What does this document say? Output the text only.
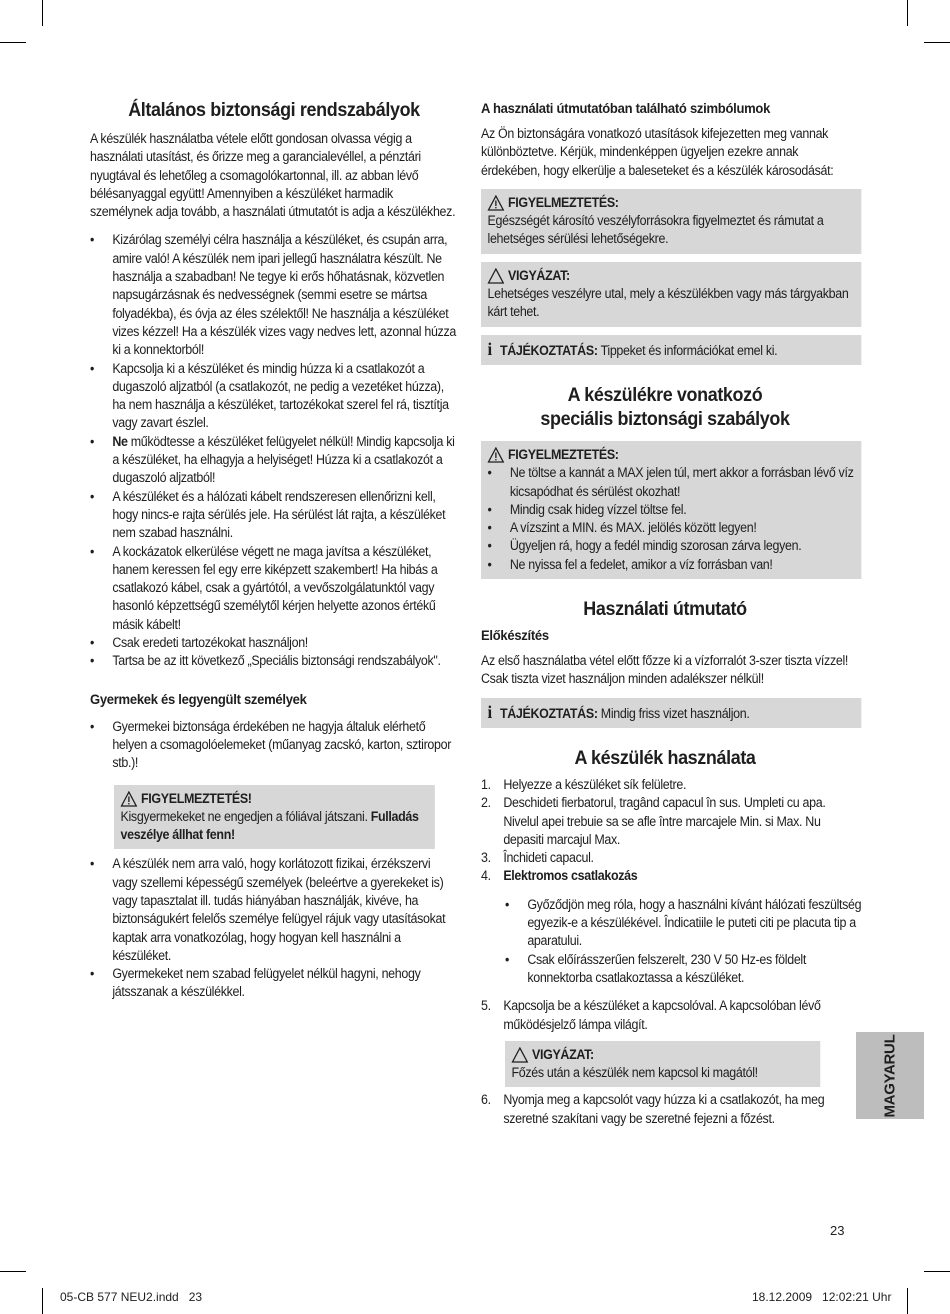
Általános biztonsági rendszabályok

A készülék használatba vétele előtt gondosan olvassa végig a használati utasítást, és őrizze meg a garancialevéllel, a pénztári nyugtával és lehetőleg a csomagolókartonnal, ill. az abban lévő bélésanyaggal együtt! Amennyiben a készüléket harmadik személynek adja tovább, a használati útmutatót is adja a készülékhez.

• Kizárólag személyi célra használja a készüléket, és csupán arra, amire való! A készülék nem ipari jellegű használatra készült. Ne használja a szabadban! Ne tegye ki erős hőhatásnak, közvetlen napsugárzásnak és nedvességnek (semmi esetre se mártsa folyadékba), és óvja az éles szélektől! Ne használja a készüléket vizes kézzel! Ha a készülék vizes vagy nedves lett, azonnal húzza ki a konnektorból!
• Kapcsolja ki a készüléket és mindig húzza ki a csatlakozót a dugaszoló aljzatból (a csatlakozót, ne pedig a vezetéket húzza), ha nem használja a készüléket, tartozékokat szerel fel rá, tisztítja vagy zavart észlel.
• Ne működtesse a készüléket felügyelet nélkül! Mindig kapcsolja ki a készüléket, ha elhagyja a helyiséget! Húzza ki a csatlakozót a dugaszoló aljzatból!
• A készüléket és a hálózati kábelt rendszeresen ellenőrizni kell, hogy nincs-e rajta sérülés jele. Ha sérülést lát rajta, a készüléket nem szabad használni.
• A kockázatok elkerülése végett ne maga javítsa a készüléket, hanem keressen fel egy erre kiképzett szakembert! Ha hibás a csatlakozó kábel, csak a gyártótól, a vevőszolgálatunktól vagy hasonló képzettségű személytől kérjen helyette azonos értékű másik kábelt!
• Csak eredeti tartozékokat használjon!
• Tartsa be az itt következő „Speciális biztonsági rendszabályok".
Gyermekek és legyengült személyek
• Gyermekei biztonsága érdekében ne hagyja általuk elérhető helyen a csomagolóelemeket (műanyag zacskó, karton, sztiropor stb.)!
FIGYELMEZTETÉS!
Kisgyermekeket ne engedjen a fóliával játszani. Fulladás veszélye állhat fenn!
• A készülék nem arra való, hogy korlátozott fizikai, érzékszervi vagy szellemi képességű személyek (beleértve a gyerekeket is) vagy tapasztalat ill. tudás hiányában használják, kivéve, ha biztonságukért felelős személye felügyel rájuk vagy utasításokat kaptak arra vonatkozólag, hogy hogyan kell használni a készüléket.
• Gyermekeket nem szabad felügyelet nélkül hagyni, nehogy játsszanak a készülékkel.
A használati útmutatóban található szimbólumok

Az Ön biztonságára vonatkozó utasítások kifejezetten meg vannak különböztetve. Kérjük, mindenképpen ügyeljen ezekre annak érdekében, hogy elkerülje a baleseteket és a készülék károsodását:

FIGYELMEZTETÉS:
Egészségét károsító veszélyforrásokra figyelmeztet és rámutat a lehetséges sérülési lehetőségekre.
VIGYÁZAT:
Lehetséges veszélyre utal, mely a készülékben vagy más tárgyakban kárt tehet.
i TÁJÉKOZTATÁS: Tippeket és információkat emel ki.
A készülékre vonatkozó speciális biztonsági szabályok
FIGYELMEZTETÉS:
• Ne töltse a kannát a MAX jelen túl, mert akkor a forrásban lévő víz kicsapódhat és sérülést okozhat!
• Mindig csak hideg vízzel töltse fel.
• A vízszint a MIN. és MAX. jelölés között legyen!
• Ügyeljen rá, hogy a fedél mindig szorosan zárva legyen.
• Ne nyissa fel a fedelet, amikor a víz forrásban van!
Használati útmutató
Előkészítés

Az első használatba vétel előtt főzze ki a vízforralót 3-szer tiszta vízzel! Csak tiszta vizet használjon minden adalékszer nélkül!

i TÁJÉKOZTATÁS: Mindig friss vizet használjon.
A készülék használata
1. Helyezze a készüléket sík felületre.
2. Deschideti fierbatorul, tragând capacul în sus. Umpleti cu apa. Nivelul apei trebuie sa se afle între marcajele Min. si Max. Nu depasiti marcajul Max.
3. Închideti capacul.
4. Elektromos csatlakozás
• Győződjön meg róla, hogy a használni kívánt hálózati feszültség egyezik-e a készülékével. Îndicatiile le puteti citi pe placuta tip a aparatului.
• Csak előírásszerűen felszerelt, 230 V 50 Hz-es földelt konnektorba csatlakoztassa a készüléket.
5. Kapcsolja be a készüléket a kapcsolóval. A kapcsolóban lévő működésjelző lámpa világít.
VIGYÁZAT:
Főzés után a készülék nem kapcsol ki magától!
6. Nyomja meg a kapcsolót vagy húzza ki a csatlakozót, ha meg szeretné szakítani vagy be szeretné fejezni a főzést.
MAGYARUL
23
05-CB 577 NEU2.indd   23	18.12.2009   12:02:21 Uhr
